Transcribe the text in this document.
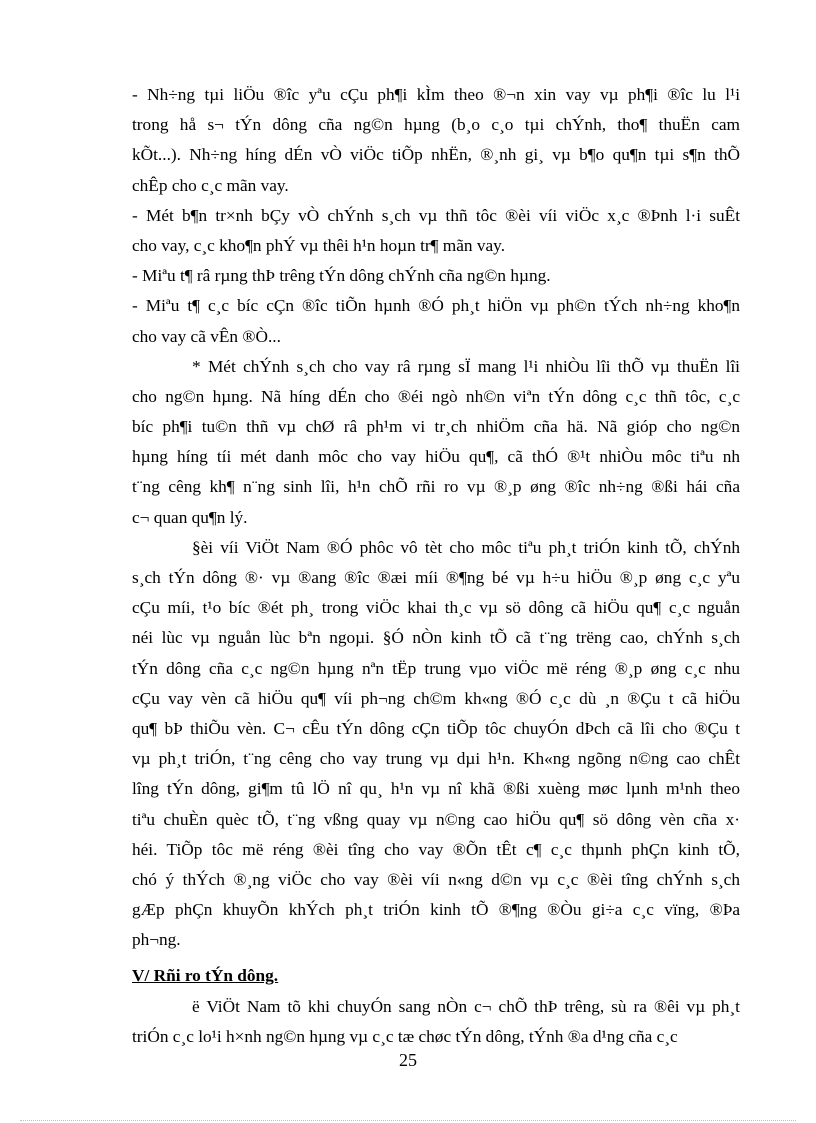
- Nh÷ng tµi liÖu ®îc yªu cÇu ph¶i kÌm theo ®¬n xin vay vµ ph¶i ®îc lu l¹i
trong hå s¬ tÝn dông cña ng©n hµng (b¸o c¸o tµi chÝnh, tho¶ thuËn cam
kÕt...). Nh÷ng híng dÉn vÒ viÖc tiÕp nhËn, ®¸nh gi¸ vµ b¶o qu¶n tµi s¶n thÕ
chÊp cho c¸c mãn vay.
- Mét b¶n tr×nh bÇy vÒ chÝnh s¸ch vµ thñ tôc ®èi víi viÖc x¸c ®Þnh l·i suÊt
cho vay, c¸c kho¶n phÝ vµ thêi h¹n hoµn tr¶ mãn vay.
- Miªu t¶ râ rµng thÞ trêng tÝn dông chÝnh cña ng©n hµng.
- Miªu t¶ c¸c bíc cÇn ®îc tiÕn hµnh ®Ó ph¸t hiÖn vµ ph©n tÝch nh÷ng kho¶n
cho vay cã vÊn ®Ò...
* Mét chÝnh s¸ch cho vay râ rµng sÏ mang l¹i nhiÒu lîi thÕ vµ thuËn lîi
cho ng©n hµng. Nã híng dÉn cho ®éi ngò nh©n viªn tÝn dông c¸c thñ tôc, c¸c
bíc ph¶i tu©n thñ vµ chØ râ ph¹m vi tr¸ch nhiÖm cña hä. Nã gióp cho ng©n
hµng híng tíi mét danh môc cho vay hiÖu qu¶, cã thÓ ®¹t nhiÒu môc tiªu nh
t¨ng cêng kh¶ n¨ng sinh lîi, h¹n chÕ rñi ro vµ ®¸p øng ®îc nh÷ng ®ßi hái cña
c¬ quan qu¶n lý.
§èi víi ViÖt Nam ®Ó phôc vô tèt cho môc tiªu ph¸t triÓn kinh tÕ, chÝnh
s¸ch tÝn dông ®· vµ ®ang ®îc ®æi míi ®¶ng bé vµ h÷u hiÖu ®¸p øng c¸c yªu
cÇu míi, t¹o bíc ®ét ph¸ trong viÖc khai th¸c vµ sö dông cã hiÖu qu¶ c¸c nguån
néi lùc vµ nguån lùc bªn ngoµi. §Ó nÒn kinh tÕ cã t¨ng trëng cao, chÝnh s¸ch
tÝn dông cña c¸c ng©n hµng nªn tËp trung vµo viÖc më réng ®¸p øng c¸c nhu
cÇu vay vèn cã hiÖu qu¶ víi ph¬ng ch©m kh«ng ®Ó c¸c dù ¸n ®Çu t cã hiÖu
qu¶ bÞ thiÕu vèn. C¬ cÊu tÝn dông cÇn tiÕp tôc chuyÓn dÞch cã lîi cho ®Çu t
vµ ph¸t triÓn, t¨ng cêng cho vay trung vµ dµi h¹n. Kh«ng ngõng n©ng cao chÊt
lîng tÝn dông, gi¶m tû lÖ nî qu¸ h¹n vµ nî khã ®ßi xuèng møc lµnh m¹nh theo
tiªu chuÈn quèc tÕ, t¨ng vßng quay vµ n©ng cao hiÖu qu¶ sö dông vèn cña x·
héi. TiÕp tôc më réng ®èi tîng cho vay ®Õn tÊt c¶ c¸c thµnh phÇn kinh tÕ,
chó ý thÝch ®¸ng viÖc cho vay ®èi víi n«ng d©n vµ c¸c ®èi tîng chÝnh s¸ch
gÆp phÇn khuyÕn khÝch ph¸t triÓn kinh tÕ ®¶ng ®Òu gi÷a c¸c vïng, ®Þa
ph¬ng.
V/ Rñi ro tÝn dông.
ë ViÖt Nam tõ khi chuyÓn sang nÒn c¬ chÕ thÞ trêng, sù ra ®êi vµ ph¸t
triÓn c¸c lo¹i h×nh ng©n hµng vµ c¸c tæ chøc tÝn dông, tÝnh ®a d¹ng cña c¸c
25
